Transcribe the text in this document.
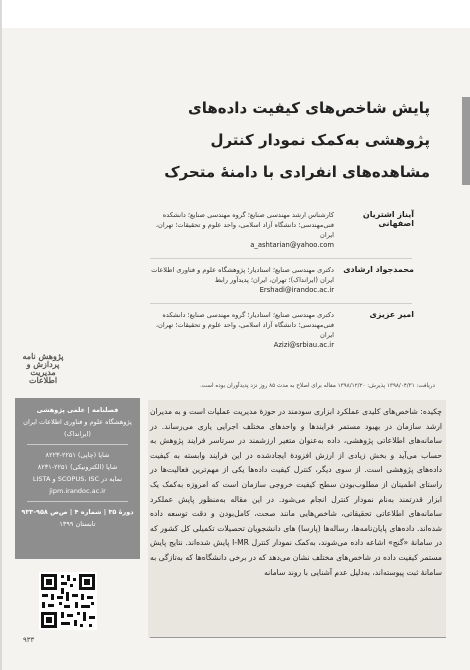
پایش شاخص‌های کیفیت داده‌های
پژوهشی به‌کمک نمودار کنترل
مشاهده‌های انفرادی با دامنۀ متحرک
آیناز اشتریان اصفهانی
کارشناس ارشد مهندسی صنایع؛ گروه مهندسی صنایع؛ دانشکده فنی‌مهندسی؛ دانشگاه آزاد اسلامی، واحد علوم و تحقیقات؛ تهران، ایران
a_ashtarian@yahoo.com
محمدجواد ارشادی
دکتری مهندسی صنایع؛ استادیار؛ پژوهشگاه علوم و فناوری اطلاعات ایران (ایرانداک)؛ تهران، ایران؛ پدیدآور رابط
Ershadi@irandoc.ac.ir
امیر عزیزی
دکتری مهندسی صنایع؛ استادیار؛ گروه مهندسی صنایع؛ دانشکده فنی‌مهندسی؛ دانشگاه آزاد اسلامی، واحد علوم و تحقیقات؛ تهران، ایران
Azizi@srbiau.ac.ir
پژوهش نامه پردازش و مدیریت اطلاعات
دریافت: ۱۳۹۸/۰۴/۳۱ پذیرش: ۱۳۹۸/۱۲/۲۰ مقاله برای اصلاح به مدت ۸۵ روز نزد پدیدآوران بوده است.
فصلنامه | علمی پژوهشی
پژوهشگاه علوم و فناوری اطلاعات ایران (ایرانداک)
شاپا (چاپی) ۲۲۵۱-۸۲۲۳
شاپا (الکترونیکی) ۲۲۵۱-۸۲۳۱
نمایه در SCOPUS، ISC و LISTA
jipm.irandoc.ac.ir
دورۀ ۳۵ | شماره ۴ | ص‌ص ۹۵۸-۹۳۳
تابستان ۱۳۹۹
چکیده: شاخص‌های کلیدی عملکرد ابزاری سودمند در حوزۀ مدیریت عملیات است و به مدیران ارشد سازمان در بهبود مستمر فرایندها و واحدهای مختلف اجرایی یاری می‌رساند. در سامانه‌های اطلاعاتی پژوهشی، داده به‌عنوان متغیر ارزشمند در سرتاسر فرایند پژوهش به حساب می‌آید و بخش زیادی از ارزش افزودۀ ایجادشده در این فرایند وابسته به کیفیت داده‌های پژوهشی است. از سوی دیگر، کنترل کیفیت داده‌ها یکی از مهم‌ترین فعالیت‌ها در راستای اطمینان از مطلوب‌بودن سطح کیفیت خروجی سازمان است که امروزه به‌کمک یک ابزار قدرتمند به‌نام نمودار کنترل انجام می‌شود. در این مقاله به‌منظور پایش عملکرد سامانه‌های اطلاعاتی تحقیقاتی، شاخص‌هایی مانند صحت، کامل‌بودن و دقت توسعه داده شده‌اند. داده‌های پایان‌نامه‌ها، رساله‌ها (پارسا) های دانشجویان تحصیلات تکمیلی کل کشور که در سامانۀ «گنج» اشاعه داده می‌شوند، به‌کمک نمودار کنترل I-MR پایش شده‌اند. نتایج پایش مستمر کیفیت داده در شاخص‌های مختلف نشان می‌دهد که در برخی دانشگاه‌ها که به‌تازگی به سامانۀ ثبت پیوسته‌اند، به‌دلیل عدم آشنایی با روند سامانه
۹۳۳
